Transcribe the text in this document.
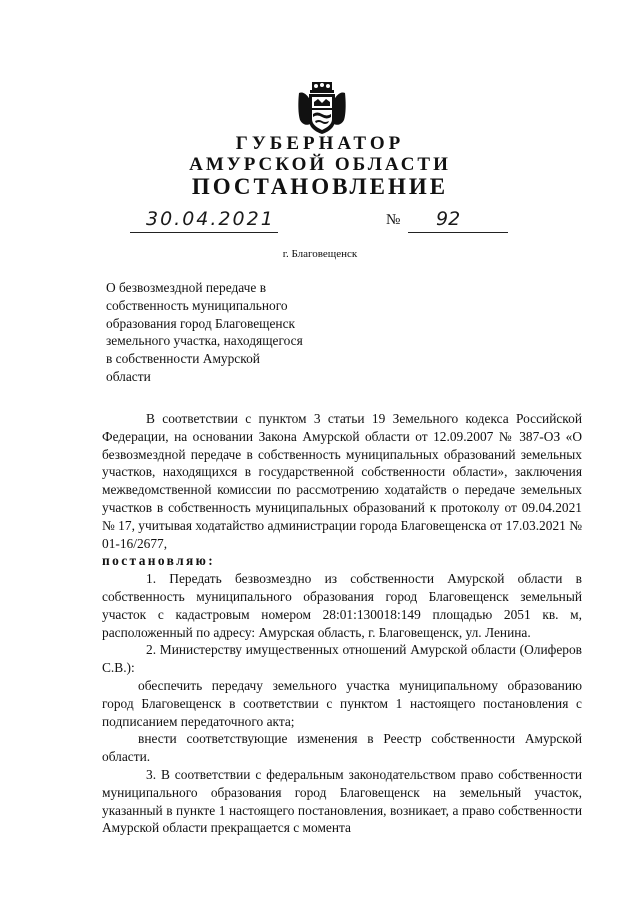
ГУБЕРНАТОР
АМУРСКОЙ ОБЛАСТИ
ПОСТАНОВЛЕНИЕ
30.04.2021	№ 92
г. Благовещенск
О безвозмездной передаче в
собственность муниципального
образования город Благовещенск
земельного участка, находящегося
в собственности Амурской
области

В соответствии с пунктом 3 статьи 19 Земельного кодекса Российской Федерации, на основании Закона Амурской области от 12.09.2007 № 387-ОЗ «О безвозмездной передаче в собственность муниципальных образований земельных участков, находящихся в государственной собственности области», заключения межведомственной комиссии по рассмотрению ходатайств о передаче земельных участков в собственность муниципальных образований к протоколу от 09.04.2021 № 17, учитывая ходатайство администрации города Благовещенска от 17.03.2021 № 01-16/2677,

постановляю:

1. Передать безвозмездно из собственности Амурской области в собственность муниципального образования город Благовещенск земельный участок с кадастровым номером 28:01:130018:149 площадью 2051 кв. м, расположенный по адресу: Амурская область, г. Благовещенск, ул. Ленина.

2. Министерству имущественных отношений Амурской области (Олиферов С.В.):

обеспечить передачу земельного участка муниципальному образованию город Благовещенск в соответствии с пунктом 1 настоящего постановления с подписанием передаточного акта;

внести соответствующие изменения в Реестр собственности Амурской области.

3. В соответствии с федеральным законодательством право собственности муниципального образования город Благовещенск на земельный участок, указанный в пункте 1 настоящего постановления, возникает, а право собственности Амурской области прекращается с момента
